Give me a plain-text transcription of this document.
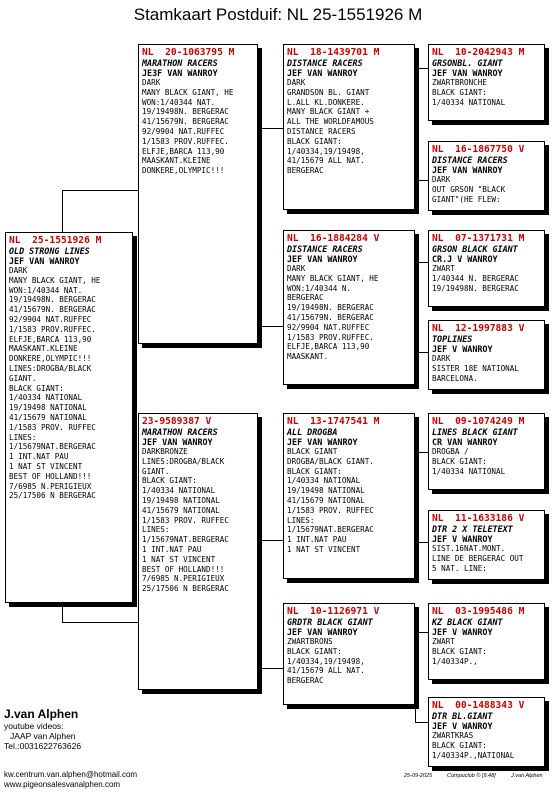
Stamkaart Postduif: NL 25-1551926 M
NL  25-1551926 M
OLD STRONG LINES
JEF VAN WANROY
DARK
MANY BLACK GIANT, HE
WON:1/40344 NAT.
19/19498N. BERGERAC
41/15679N. BERGERAC
92/9904 NAT.RUFFEC
1/1583 PROV.RUFFEC.
ELFJE,BARCA 113,90
MAASKANT.KLEINE
DONKERE,OLYMPIC!!!
LINES:DROGBA/BLACK
GIANT.
BLACK GIANT:
1/40334 NATIONAL
19/19498 NATIONAL
41/15679 NATIONAL
1/1583 PROV. RUFFEC
LINES:
1/15679NAT.BERGERAC
1 INT.NAT PAU
1 NAT ST VINCENT
BEST OF HOLLAND!!!
7/6985 N.PERIGIEUX
25/17506 N BERGERAC
NL  20-1063795 M
MARATHON RACERS
JE3F VAN WANROY
DARK
MANY BLACK GIANT, HE
WON:1/40344 NAT.
19/19498N. BERGERAC
41/15679N. BERGERAC
92/9904 NAT.RUFFEC
1/1583 PROV.RUFFEC.
ELFJE,BARCA 113,90
MAASKANT.KLEINE
DONKERE,OLYMPIC!!!
23-9589387 V
MARATHON RACERS
JEF VAN WANROY
DARKBRONZE
LINES:DROGBA/BLACK
GIANT.
BLACK GIANT:
1/40334 NATIONAL
19/19498 NATIONAL
41/15679 NATIONAL
1/1583 PROV. RUFFEC
LINES:
1/15679NAT.BERGERAC
1 INT.NAT PAU
1 NAT ST VINCENT
BEST OF HOLLAND!!!
7/6985 N.PERIGIEUX
25/17506 N BERGERAC
NL  18-1439701 M
DISTANCE RACERS
JEF VAN WANROY
DARK
GRANDSON BL. GIANT
L.ALL KL.DONKERE.
MANY BLACK GIANT +
ALL THE WORLDFAMOUS
DISTANCE RACERS
BLACK GIANT:
1/40334,19/19498,
41/15679 ALL NAT.
BERGERAC
NL  16-1884284 V
DISTANCE RACERS
JEF VAN WANROY
DARK
MANY BLACK GIANT, HE
WON:1/40344 N.
BERGERAC
19/19498N. BERGERAC
41/15679N. BERGERAC
92/9904 NAT.RUFFEC
1/1583 PROV.RUFFEC.
ELFJE,BARCA 113,90
MAASKANT.
NL  13-1747541 M
ALL DROGBA
JEF VAN WANROY
BLACK GIANT
DROGBA/BLACK GIANT.
BLACK GIANT:
1/40334 NATIONAL
19/19498 NATIONAL
41/15679 NATIONAL
1/1583 PROV. RUFFEC
LINES:
1/15679NAT.BERGERAC
1 INT.NAT PAU
1 NAT ST VINCENT
NL  10-1126971 V
GRDTR BLACK GIANT
JEF VAN WANROY
ZWARTBRONS
BLACK GIANT:
1/40334,19/19498,
41/15679 ALL NAT.
BERGERAC
NL  10-2042943 M
GRSONBL. GIANT
JEF VAN WANROY
ZWARTBRONCHE
BLACK GIANT:
1/40334 NATIONAL
NL  16-1867750 V
DISTANCE RACERS
JEF VAN WANROY
DARK
OUT GRSON "BLACK
GIANT"(HE FLEW:
NL  07-1371731 M
GRSON BLACK GIANT
CR.J V WANROY
ZWART
1/40344 N. BERGERAC
19/19498N. BERGERAC
NL  12-1997883 V
TOPLINES
JEF V WANROY
DARK
SISTER 18E NATIONAL
BARCELONA.
NL  09-1074249 M
LINES BLACK GIANT
CR VAN WANROY
DROGBA /
BLACK GIANT:
1/40334 NATIONAL
NL  11-1633186 V
DTR 2 X TELETEXT
JEF V WANROY
SIST.16NAT.MONT.
LINE DE BERGERAC OUT
5 NAT. LINE:
NL  03-1995486 M
KZ BLACK GIANT
JEF V WANROY
ZWART
BLACK GIANT:
1/40334P.,
NL  00-1488343 V
DTR BL.GIANT
JEF V WANROY
ZWARTKRAS
BLACK GIANT:
1/40334P.,NATIONAL
J.van Alphen
youtube videos:
JAAP van Alphen
Tel.:0031622763626
kw.centrum.van.alphen@hotmail.com
www.pigeonsalesvanalphen.com
25-09-2025	Compuclub © [9.48]	J.van Alphen
